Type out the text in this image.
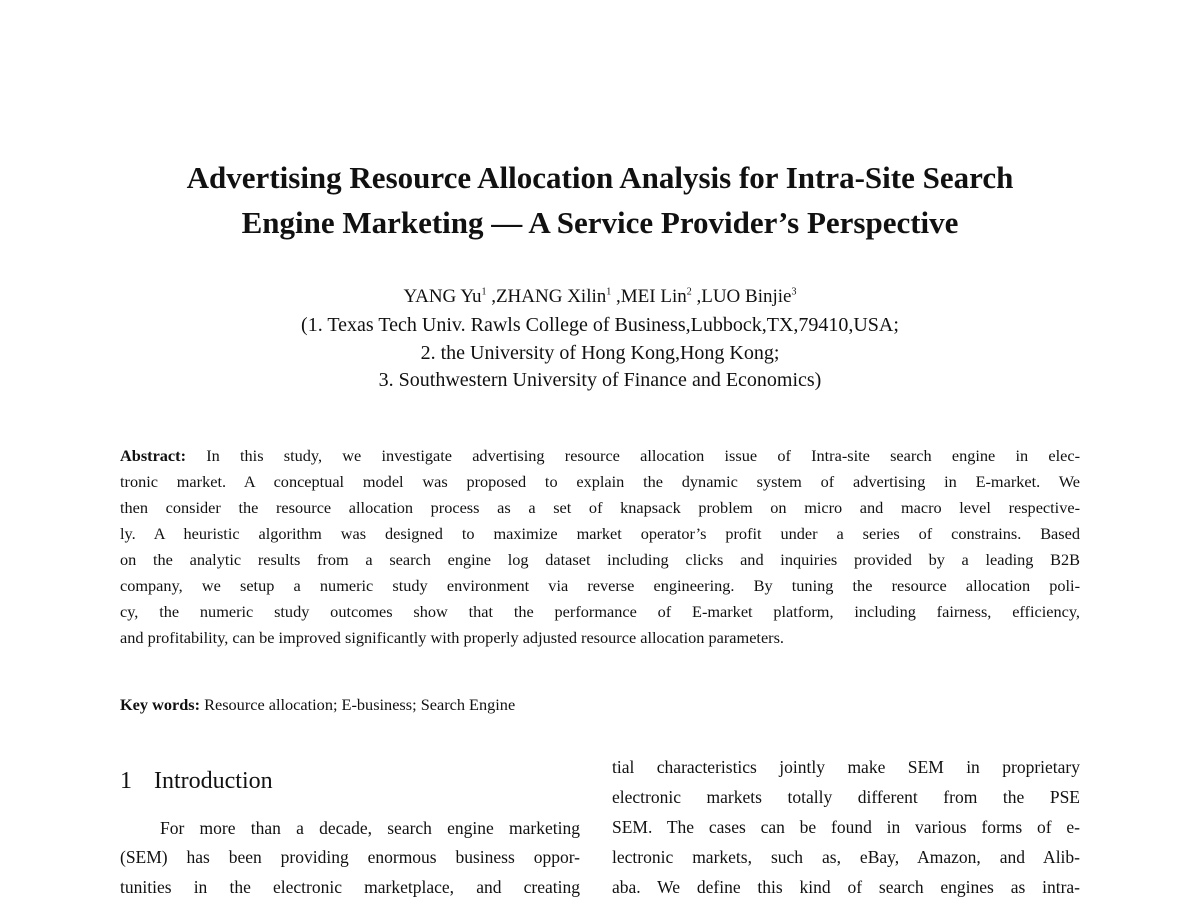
Advertising Resource Allocation Analysis for Intra-Site Search
Engine Marketing — A Service Provider’s Perspective
YANG Yu$^1$ ,ZHANG Xilin$^1$ ,MEI Lin$^2$ ,LUO Binjie$^3$
(1. Texas Tech Univ. Rawls College of Business,Lubbock,TX,79410,USA;
2. the University of Hong Kong,Hong Kong;
3. Southwestern University of Finance and Economics)
Abstract: In this study, we investigate advertising resource allocation issue of Intra-site search engine in elec-
tronic market. A conceptual model was proposed to explain the dynamic system of advertising in E-market. We
then consider the resource allocation process as a set of knapsack problem on micro and macro level respective-
ly. A heuristic algorithm was designed to maximize market operator’s profit under a series of constrains. Based
on the analytic results from a search engine log dataset including clicks and inquiries provided by a leading B2B
company, we setup a numeric study environment via reverse engineering. By tuning the resource allocation poli-
cy, the numeric study outcomes show that the performance of E-market platform, including fairness, efficiency,
and profitability, can be improved significantly with properly adjusted resource allocation parameters.
Key words: Resource allocation; E-business; Search Engine
1 Introduction
For more than a decade, search engine marketing
(SEM) has been providing enormous business oppor-
tunities in the electronic marketplace, and creating
tial characteristics jointly make SEM in proprietary
electronic markets totally different from the PSE
SEM. The cases can be found in various forms of e-
lectronic markets, such as, eBay, Amazon, and Alib-
aba. We define this kind of search engines as intra-
